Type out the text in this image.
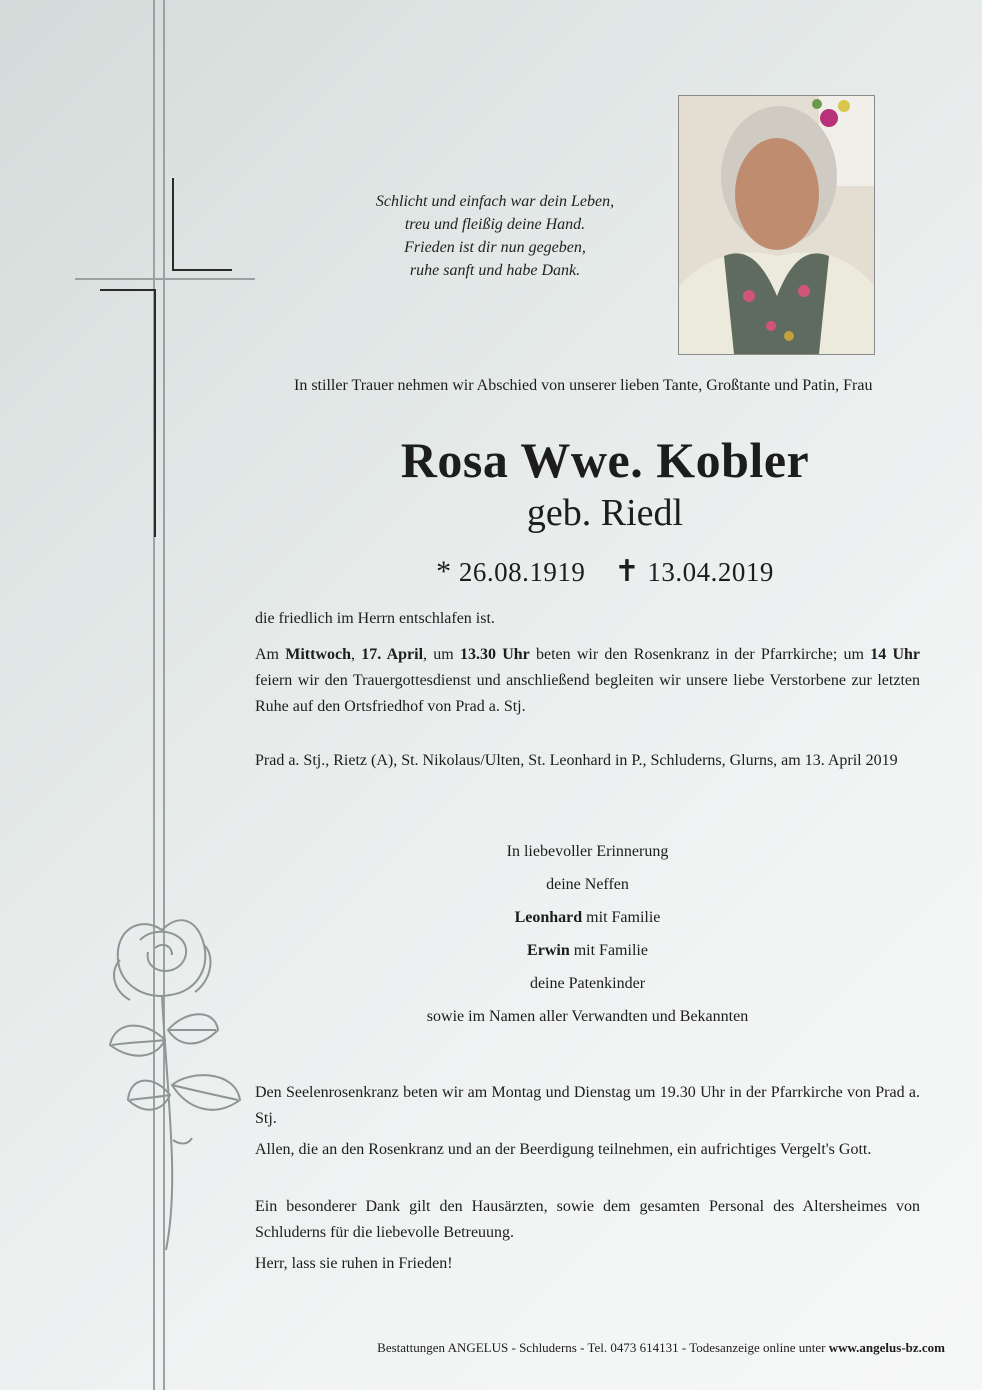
Schlicht und einfach war dein Leben,
treu und fleißig deine Hand.
Frieden ist dir nun gegeben,
ruhe sanft und habe Dank.
In stiller Trauer nehmen wir Abschied von unserer lieben Tante, Großtante und Patin, Frau
Rosa Wwe. Kobler
geb. Riedl
* 26.08.1919 ✝ 13.04.2019
die friedlich im Herrn entschlafen ist.
Am Mittwoch, 17. April, um 13.30 Uhr beten wir den Rosenkranz in der Pfarrkirche; um 14 Uhr feiern wir den Trauergottesdienst und anschließend begleiten wir unsere liebe Verstorbene zur letzten Ruhe auf den Ortsfriedhof von Prad a. Stj.
Prad a. Stj., Rietz (A), St. Nikolaus/Ulten, St. Leonhard in P., Schluderns, Glurns, am 13. April 2019
In liebevoller Erinnerung
deine Neffen
Leonhard mit Familie
Erwin mit Familie
deine Patenkinder
sowie im Namen aller Verwandten und Bekannten
Den Seelenrosenkranz beten wir am Montag und Dienstag um 19.30 Uhr in der Pfarrkirche von Prad a. Stj.
Allen, die an den Rosenkranz und an der Beerdigung teilnehmen, ein aufrichtiges Vergelt's Gott.
Ein besonderer Dank gilt den Hausärzten, sowie dem gesamten Personal des Altersheimes von Schluderns für die liebevolle Betreuung.
Herr, lass sie ruhen in Frieden!
Bestattungen ANGELUS - Schluderns - Tel. 0473 614131 - Todesanzeige online unter www.angelus-bz.com
